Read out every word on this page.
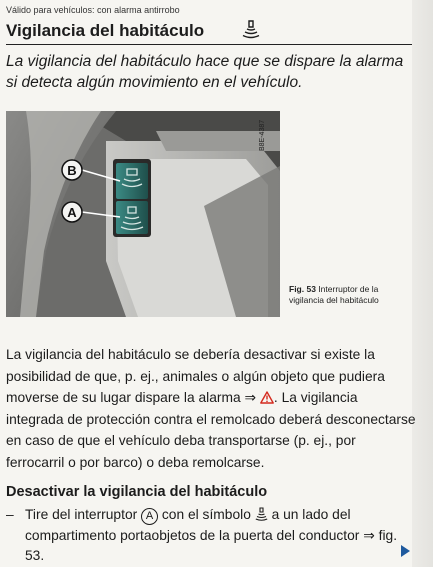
Válido para vehículos: con alarma antirrobo
Vigilancia del habitáculo
La vigilancia del habitáculo hace que se dispare la alarma si detecta algún movimiento en el vehículo.
B
A
B8E-4387
Fig. 53 Interruptor de la vigilancia del habitáculo

La vigilancia del habitáculo se debería desactivar si existe la posibilidad de que, p. ej., animales o algún objeto que pudiera moverse de su lugar dispare la alarma ⇒ . La vigilancia integrada de protección contra el remolcado deberá desconectarse en caso de que el vehículo deba transportarse (p. ej., por ferrocarril o por barco) o deba remolcarse.

Desactivar la vigilancia del habitáculo
– Tire del interruptor A con el símbolo a un lado del compartimento portaobjetos de la puerta del conductor ⇒ fig. 53.
